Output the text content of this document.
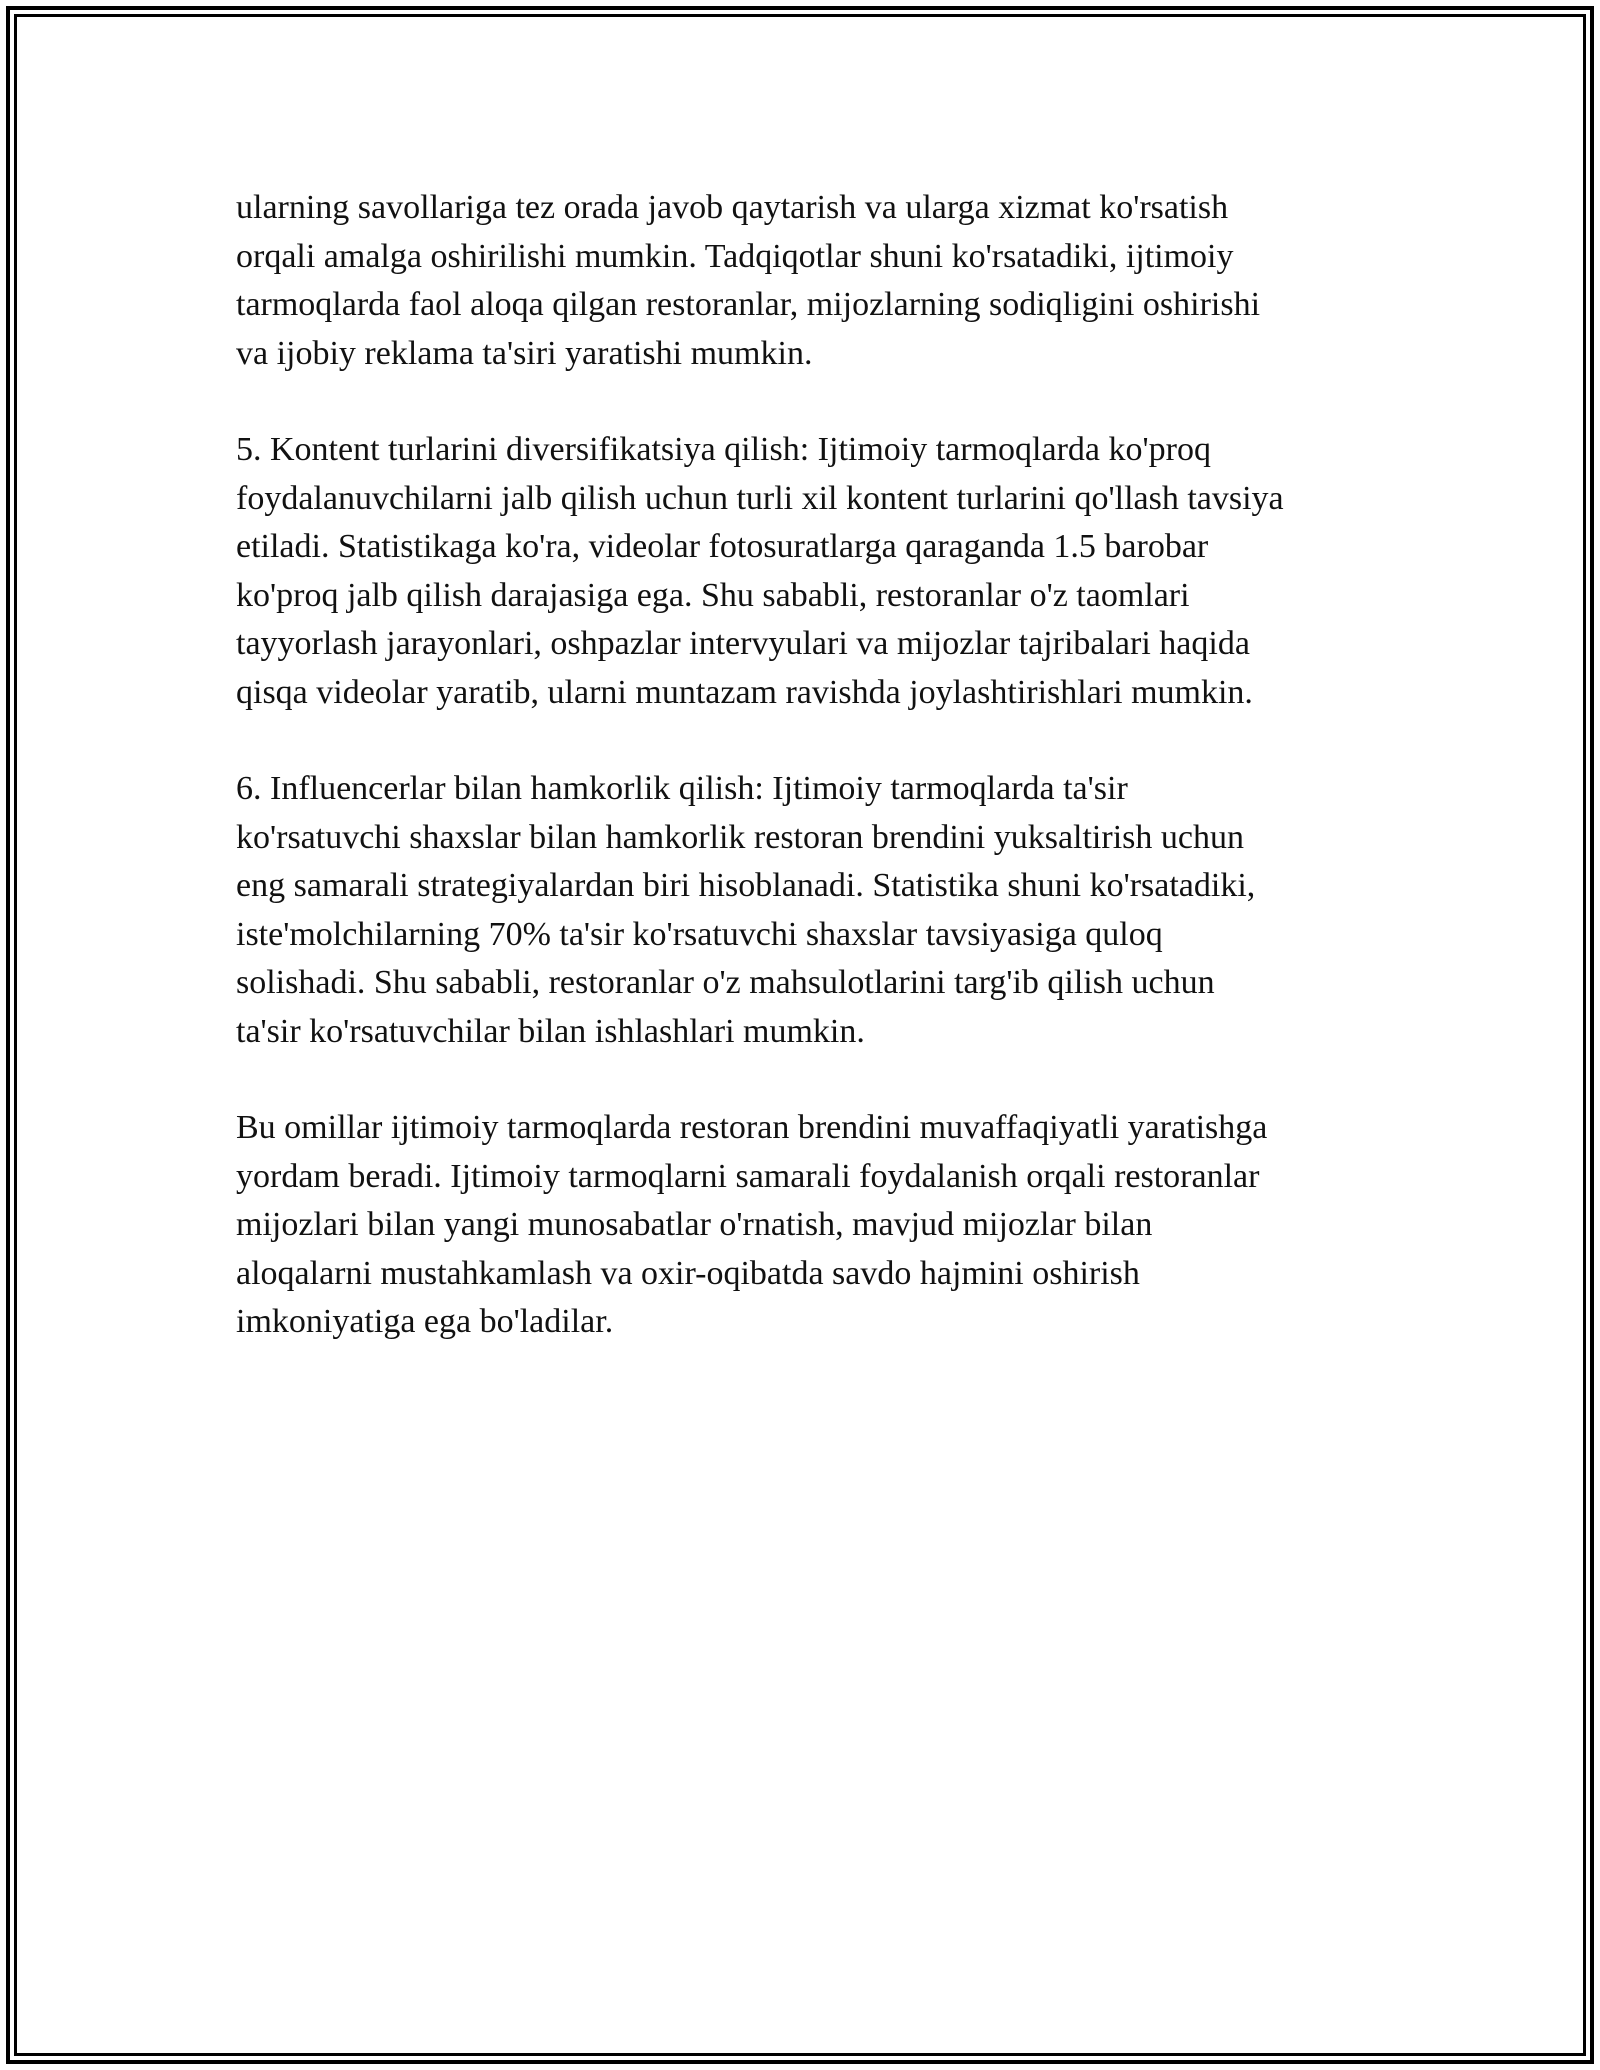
ularning savollariga tez orada javob qaytarish va ularga xizmat ko'rsatish
orqali amalga oshirilishi mumkin. Tadqiqotlar shuni ko'rsatadiki, ijtimoiy
tarmoqlarda faol aloqa qilgan restoranlar, mijozlarning sodiqligini oshirishi
va ijobiy reklama ta'siri yaratishi mumkin.
5. Kontent turlarini diversifikatsiya qilish: Ijtimoiy tarmoqlarda ko'proq
foydalanuvchilarni jalb qilish uchun turli xil kontent turlarini qo'llash tavsiya
etiladi. Statistikaga ko'ra, videolar fotosuratlarga qaraganda 1.5 barobar
ko'proq jalb qilish darajasiga ega. Shu sababli, restoranlar o'z taomlari
tayyorlash jarayonlari, oshpazlar intervyulari va mijozlar tajribalari haqida
qisqa videolar yaratib, ularni muntazam ravishda joylashtirishlari mumkin.
6. Influencerlar bilan hamkorlik qilish: Ijtimoiy tarmoqlarda ta'sir
ko'rsatuvchi shaxslar bilan hamkorlik restoran brendini yuksaltirish uchun
eng samarali strategiyalardan biri hisoblanadi. Statistika shuni ko'rsatadiki,
iste'molchilarning 70% ta'sir ko'rsatuvchi shaxslar tavsiyasiga quloq
solishadi. Shu sababli, restoranlar o'z mahsulotlarini targ'ib qilish uchun
ta'sir ko'rsatuvchilar bilan ishlashlari mumkin.
Bu omillar ijtimoiy tarmoqlarda restoran brendini muvaffaqiyatli yaratishga
yordam beradi. Ijtimoiy tarmoqlarni samarali foydalanish orqali restoranlar
mijozlari bilan yangi munosabatlar o'rnatish, mavjud mijozlar bilan
aloqalarni mustahkamlash va oxir-oqibatda savdo hajmini oshirish
imkoniyatiga ega bo'ladilar.
